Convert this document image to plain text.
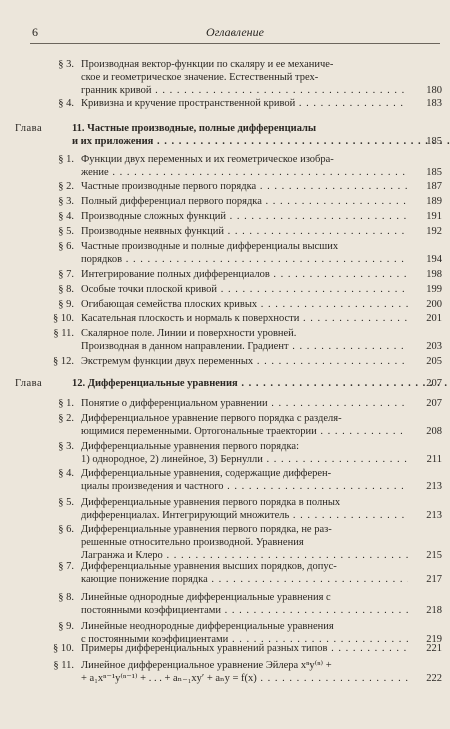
6	Оглавление
§ 3. Производная вектор-функции по скаляру и ее механиче-
ское и геометрическое значение. Естественный трех-
гранник кривой . . .	180
§ 4. Кривизна и кручение пространственной кривой . . .	183
Глава	11. Частные производные, полные дифференциалы
и их приложения . . .	185
§ 1. Функции двух переменных и их геометрическое изобра-
жение . . .	185
§ 2. Частные производные первого порядка . . .	187
§ 3. Полный дифференциал первого порядка . . .	189
§ 4. Производные сложных функций . . .	191
§ 5. Производные неявных функций . . .	192
§ 6. Частные производные и полные дифференциалы высших
порядков . . .	194
§ 7. Интегрирование полных дифференциалов . . .	198
§ 8. Особые точки плоской кривой . . .	199
§ 9. Огибающая семейства плоских кривых . . .	200
§ 10. Касательная плоскость и нормаль к поверхности . . .	201
§ 11. Скалярное поле. Линии и поверхности уровней.
Производная в данном направлении. Градиент . . .	203
§ 12. Экстремум функции двух переменных . . .	205
Глава	12. Дифференциальные уравнения . . .	207
§ 1. Понятие о дифференциальном уравнении . . .	207
§ 2. Дифференциальное уравнение первого порядка с разделя-
ющимися переменными. Ортогональные траектории . . .	208
§ 3. Дифференциальные уравнения первого порядка:
1) однородное, 2) линейное, 3) Бернулли . . .	211
§ 4. Дифференциальные уравнения, содержащие дифферен-
циалы произведения и частного . . .	213
§ 5. Дифференциальные уравнения первого порядка в полных
дифференциалах. Интегрирующий множитель . . .	213
§ 6. Дифференциальные уравнения первого порядка, не раз-
решенные относительно производной. Уравнения
Лагранжа и Клеро . . .	215
§ 7. Дифференциальные уравнения высших порядков, допус-
кающие понижение порядка . . .	217
§ 8. Линейные однородные дифференциальные уравнения с
постоянными коэффициентами . . .	218
§ 9. Линейные неоднородные дифференциальные уравнения
с постоянными коэффициентами . . .	219
§ 10. Примеры дифференциальных уравнений разных типов . . .	221
§ 11. Линейное дифференциальное уравнение Эйлера xⁿy⁽ⁿ⁾ +
+ a₁xⁿ⁻¹y⁽ⁿ⁻¹⁾ + . . . + aₙ₋₁xy′ + aₙy = f(x) . . .	222
